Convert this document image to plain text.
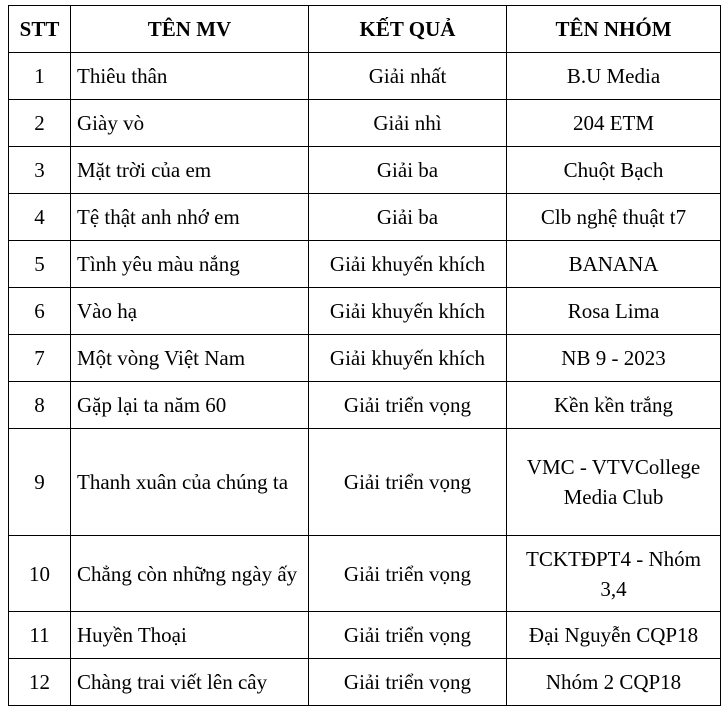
STT	TÊN MV	KẾT QUẢ	TÊN NHÓM
1	Thiêu thân	Giải nhất	B.U Media
2	Giày vò	Giải nhì	204 ETM
3	Mặt trời của em	Giải ba	Chuột Bạch
4	Tệ thật anh nhớ em	Giải ba	Clb nghệ thuật t7
5	Tình yêu màu nắng	Giải khuyến khích	BANANA
6	Vào hạ	Giải khuyến khích	Rosa Lima
7	Một vòng Việt Nam	Giải khuyến khích	NB 9 - 2023
8	Gặp lại ta năm 60	Giải triển vọng	Kền kền trắng
9	Thanh xuân của chúng ta	Giải triển vọng	VMC - VTVCollege Media Club
10	Chẳng còn những ngày ấy	Giải triển vọng	TCKTĐPT4 - Nhóm 3,4
11	Huyền Thoại	Giải triển vọng	Đại Nguyễn CQP18
12	Chàng trai viết lên cây	Giải triển vọng	Nhóm 2 CQP18
